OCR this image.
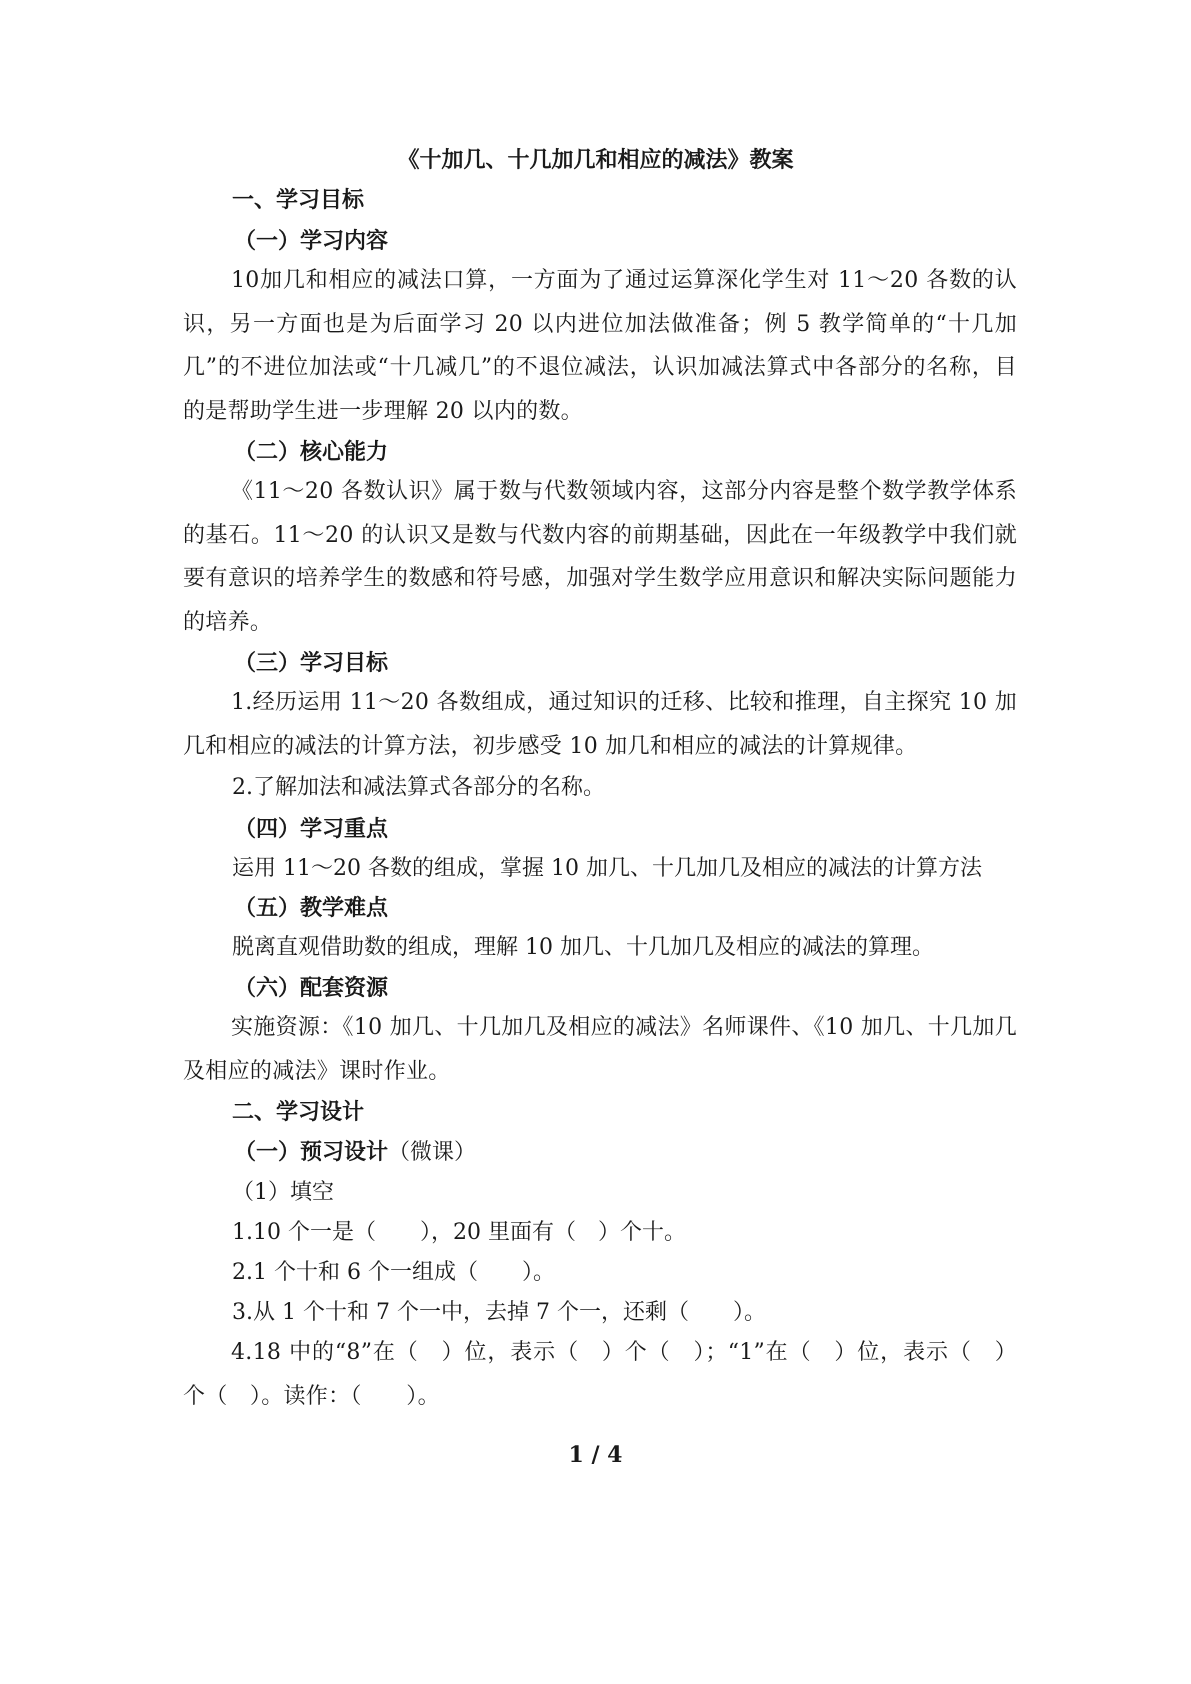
《十加几、十几加几和相应的减法》教案
一、学习目标
（一）学习内容
10加几和相应的减法口算，一方面为了通过运算深化学生对 11～20 各数的认识，另一方面也是为后面学习 20 以内进位加法做准备；例 5 教学简单的“十几加几”的不进位加法或“十几减几”的不退位减法，认识加减法算式中各部分的名称，目的是帮助学生进一步理解 20 以内的数。
（二）核心能力
《11～20 各数认识》属于数与代数领域内容，这部分内容是整个数学教学体系的基石。11～20 的认识又是数与代数内容的前期基础，因此在一年级教学中我们就要有意识的培养学生的数感和符号感，加强对学生数学应用意识和解决实际问题能力的培养。
（三）学习目标
1.经历运用 11～20 各数组成，通过知识的迁移、比较和推理，自主探究 10 加几和相应的减法的计算方法，初步感受 10 加几和相应的减法的计算规律。
2.了解加法和减法算式各部分的名称。
（四）学习重点
运用 11～20 各数的组成，掌握 10 加几、十几加几及相应的减法的计算方法
（五）教学难点
脱离直观借助数的组成，理解 10 加几、十几加几及相应的减法的算理。
（六）配套资源
实施资源：《10 加几、十几加几及相应的减法》名师课件、《10 加几、十几加几及相应的减法》课时作业。
二、学习设计
（一）预习设计（微课）
（1）填空
1.10 个一是（　　），20 里面有（　）个十。
2.1 个十和 6 个一组成（　　）。
3.从 1 个十和 7 个一中，去掉 7 个一，还剩（　　）。
4.18 中的“8”在（　）位，表示（　）个（　）；“1”在（　）位，表示（　）个（　）。读作：（　　）。
1 / 4
